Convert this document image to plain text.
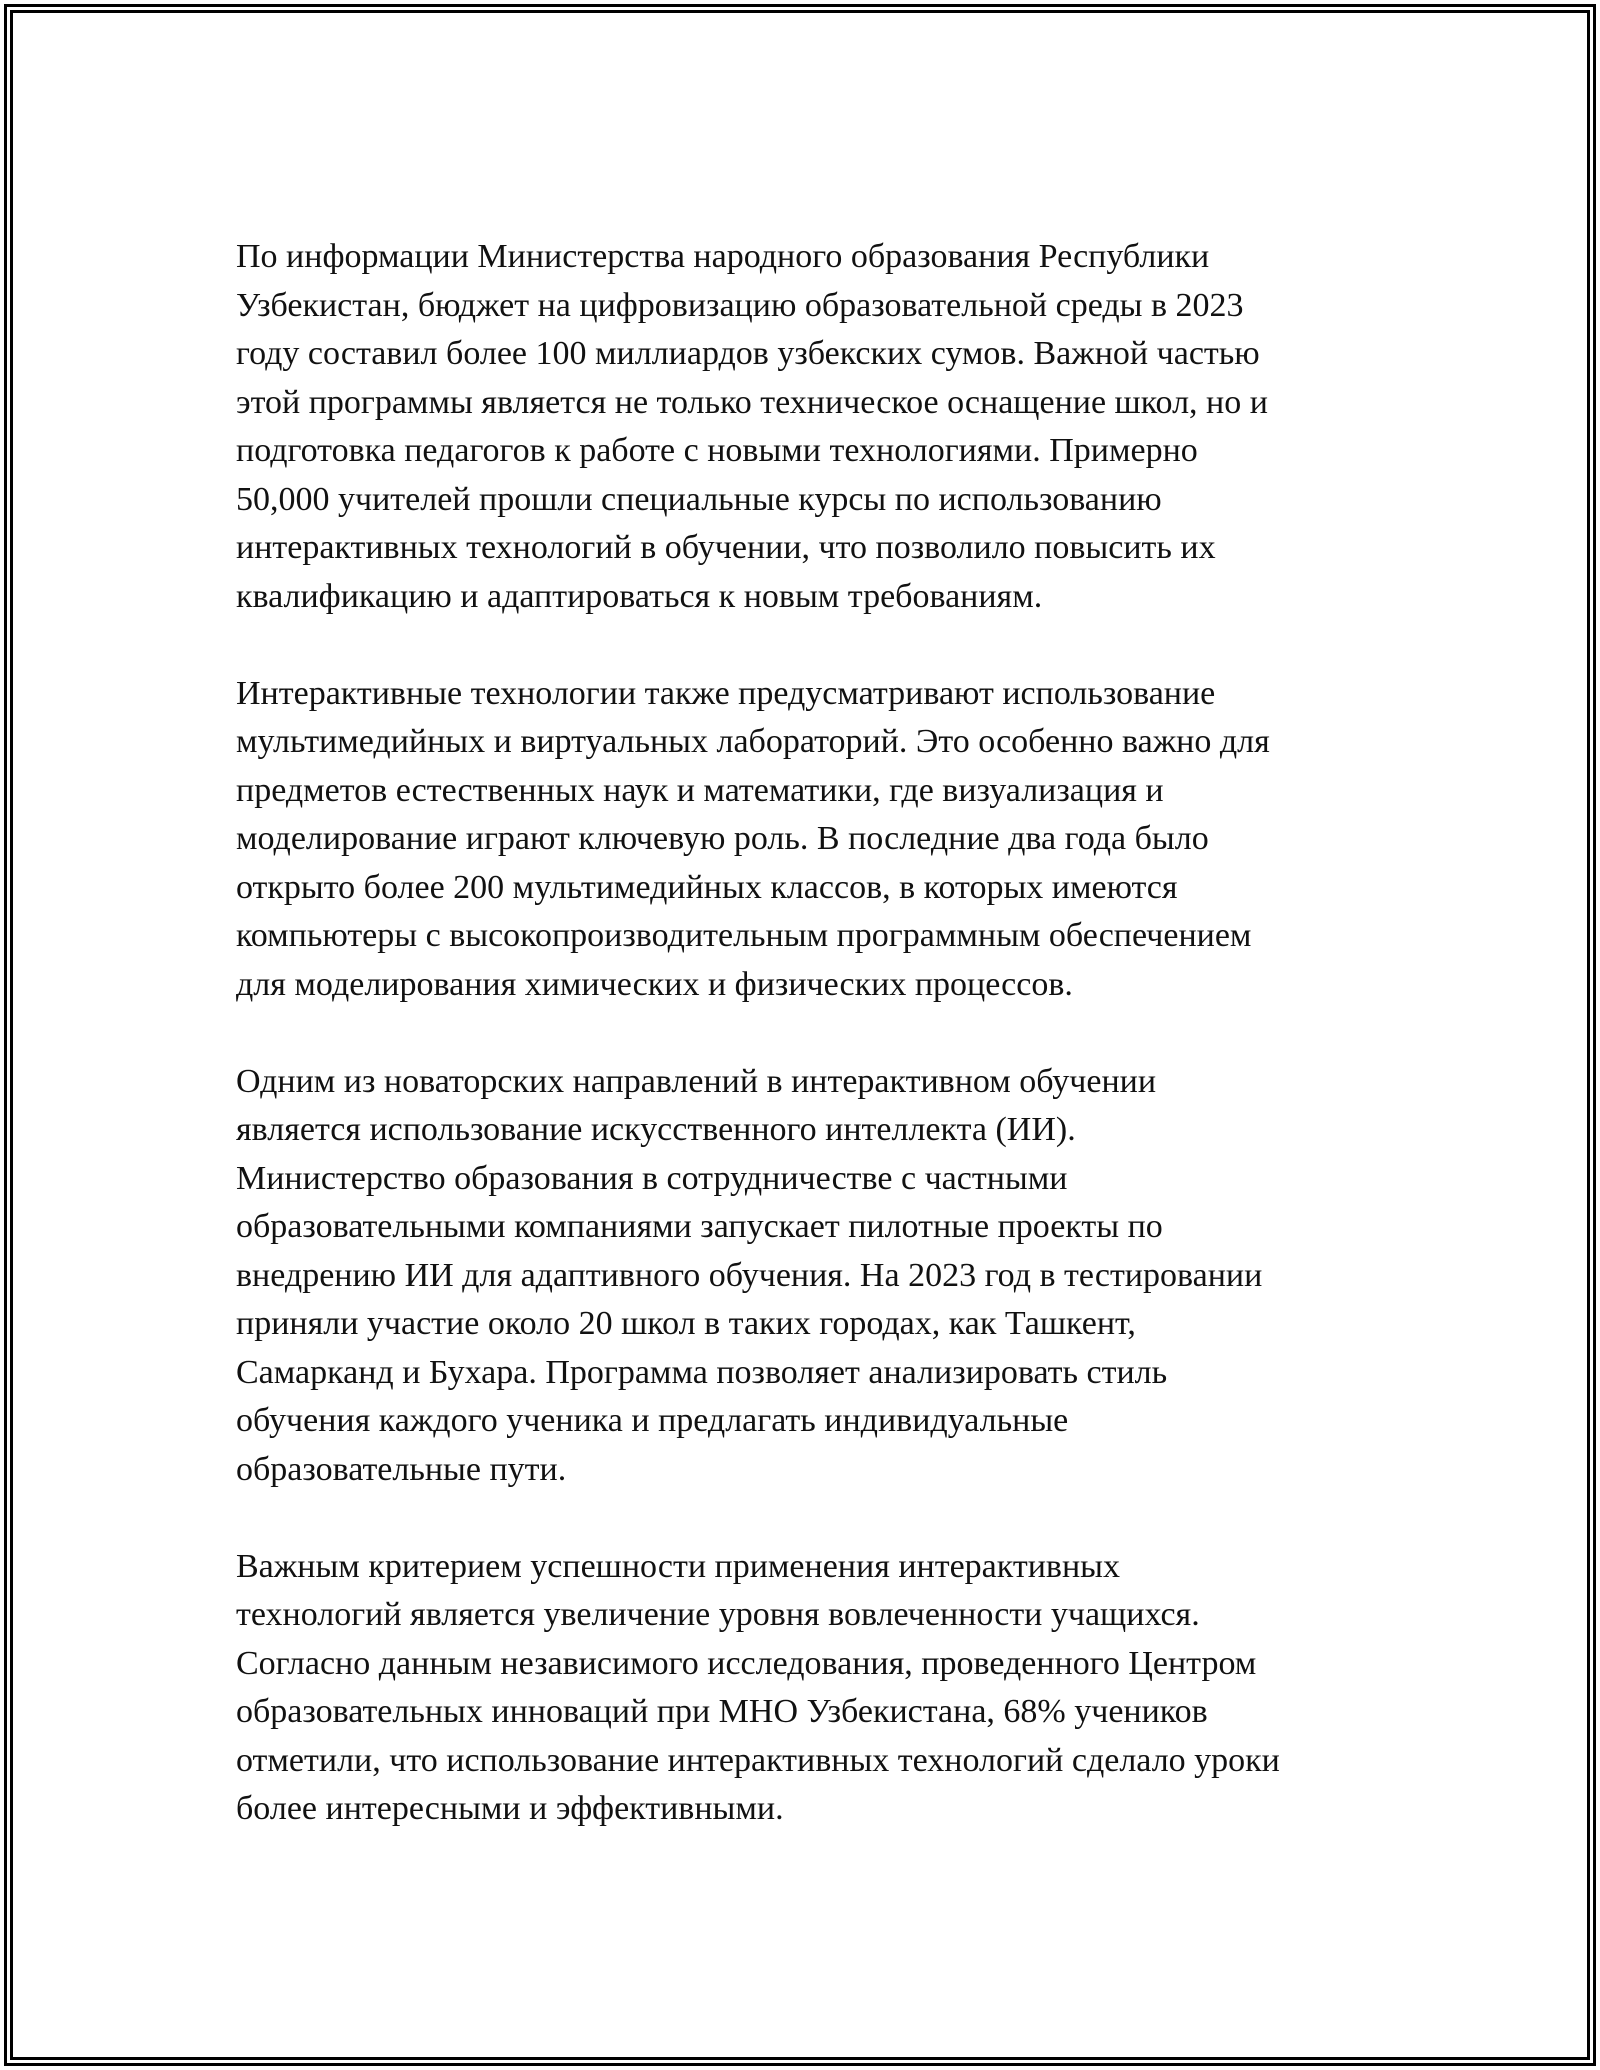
По информации Министерства народного образования Республики
Узбекистан, бюджет на цифровизацию образовательной среды в 2023
году составил более 100 миллиардов узбекских сумов. Важной частью
этой программы является не только техническое оснащение школ, но и
подготовка педагогов к работе с новыми технологиями. Примерно
50,000 учителей прошли специальные курсы по использованию
интерактивных технологий в обучении, что позволило повысить их
квалификацию и адаптироваться к новым требованиям.

Интерактивные технологии также предусматривают использование
мультимедийных и виртуальных лабораторий. Это особенно важно для
предметов естественных наук и математики, где визуализация и
моделирование играют ключевую роль. В последние два года было
открыто более 200 мультимедийных классов, в которых имеются
компьютеры с высокопроизводительным программным обеспечением
для моделирования химических и физических процессов.

Одним из новаторских направлений в интерактивном обучении
является использование искусственного интеллекта (ИИ).
Министерство образования в сотрудничестве с частными
образовательными компаниями запускает пилотные проекты по
внедрению ИИ для адаптивного обучения. На 2023 год в тестировании
приняли участие около 20 школ в таких городах, как Ташкент,
Самарканд и Бухара. Программа позволяет анализировать стиль
обучения каждого ученика и предлагать индивидуальные
образовательные пути.

Важным критерием успешности применения интерактивных
технологий является увеличение уровня вовлеченности учащихся.
Согласно данным независимого исследования, проведенного Центром
образовательных инноваций при МНО Узбекистана, 68% учеников
отметили, что использование интерактивных технологий сделало уроки
более интересными и эффективными.
